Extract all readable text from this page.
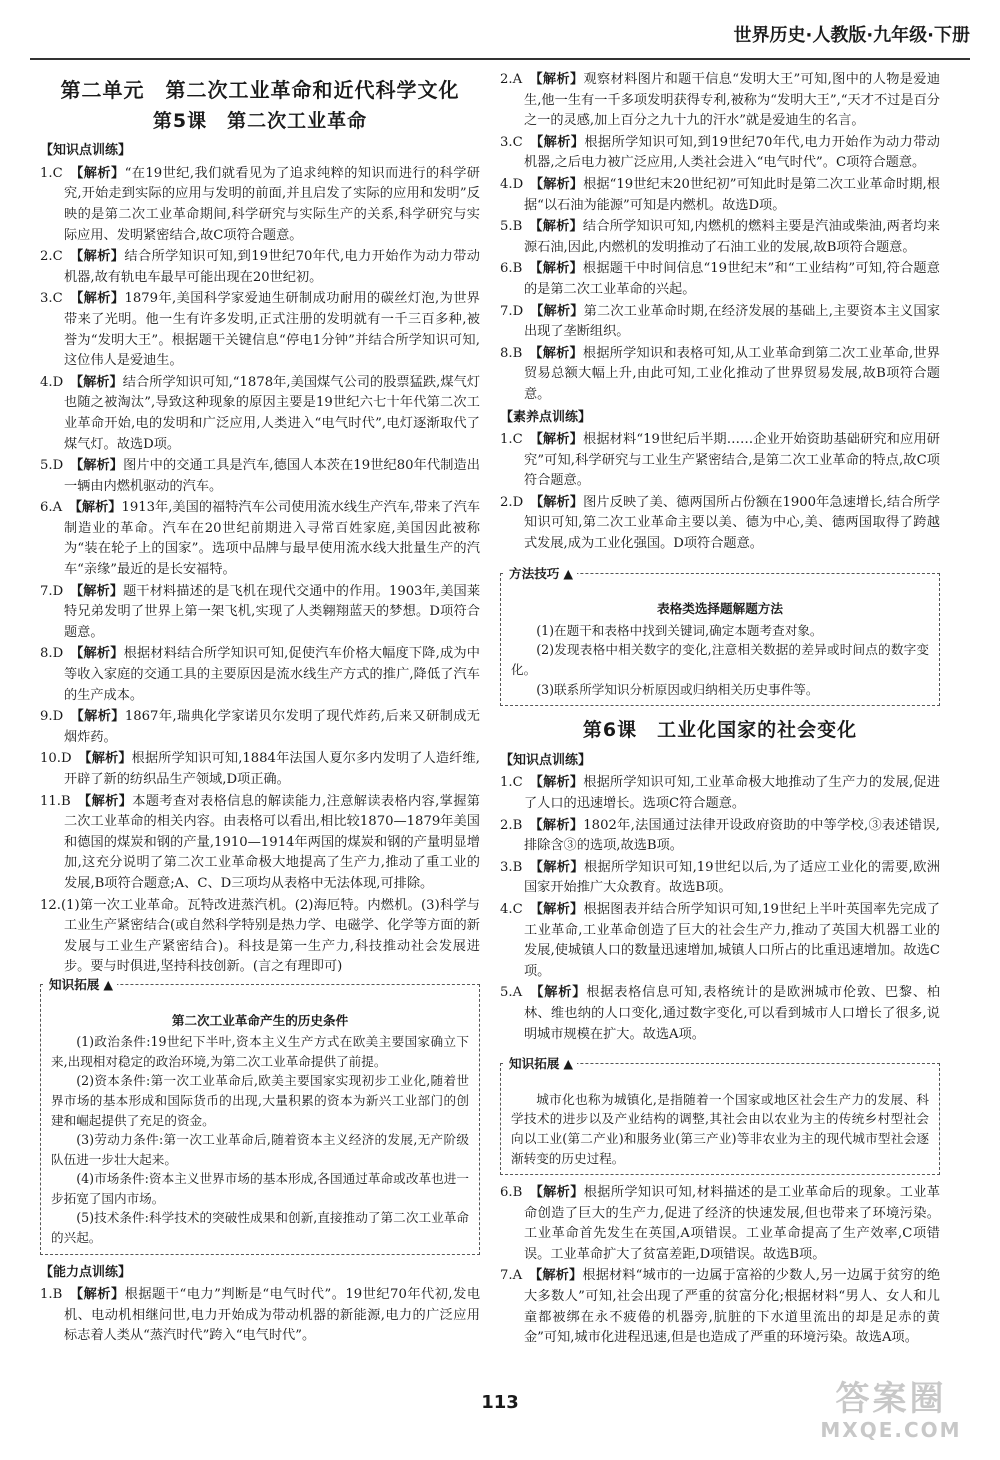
世界历史·人教版·九年级·下册
第二单元　第二次工业革命和近代科学文化
第5课　第二次工业革命
【知识点训练】
1.C　【解析】“在19世纪,我们就看见为了追求纯粹的知识而进行的科学研究,开始走到实际的应用与发明的前面,并且启发了实际的应用和发明”反映的是第二次工业革命期间,科学研究与实际生产的关系,科学研究与实际应用、发明紧密结合,故C项符合题意。
2.C　【解析】结合所学知识可知,到19世纪70年代,电力开始作为动力带动机器,故有轨电车最早可能出现在20世纪初。
3.C　【解析】1879年,美国科学家爱迪生研制成功耐用的碳丝灯泡,为世界带来了光明。他一生有许多发明,正式注册的发明就有一千三百多种,被誉为“发明大王”。根据题干关键信息“停电1分钟”并结合所学知识可知,这位伟人是爱迪生。
4.D　【解析】结合所学知识可知,“1878年,美国煤气公司的股票猛跌,煤气灯也随之被淘汰”,导致这种现象的原因主要是19世纪六七十年代第二次工业革命开始,电的发明和广泛应用,人类进入“电气时代”,电灯逐渐取代了煤气灯。故选D项。
5.D　【解析】图片中的交通工具是汽车,德国人本茨在19世纪80年代制造出一辆由内燃机驱动的汽车。
6.A　【解析】1913年,美国的福特汽车公司使用流水线生产汽车,带来了汽车制造业的革命。汽车在20世纪前期进入寻常百姓家庭,美国因此被称为“装在轮子上的国家”。选项中品牌与最早使用流水线大批量生产的汽车“亲缘”最近的是长安福特。
7.D　【解析】题干材料描述的是飞机在现代交通中的作用。1903年,美国莱特兄弟发明了世界上第一架飞机,实现了人类翱翔蓝天的梦想。D项符合题意。
8.D　【解析】根据材料结合所学知识可知,促使汽车价格大幅度下降,成为中等收入家庭的交通工具的主要原因是流水线生产方式的推广,降低了汽车的生产成本。
9.D　【解析】1867年,瑞典化学家诺贝尔发明了现代炸药,后来又研制成无烟炸药。
10.D　【解析】根据所学知识可知,1884年法国人夏尔多内发明了人造纤维,开辟了新的纺织品生产领域,D项正确。
11.B　【解析】本题考查对表格信息的解读能力,注意解读表格内容,掌握第二次工业革命的相关内容。由表格可以看出,相比较1870—1879年美国和德国的煤炭和钢的产量,1910—1914年两国的煤炭和钢的产量明显增加,这充分说明了第二次工业革命极大地提高了生产力,推动了重工业的发展,B项符合题意;A、C、D三项均从表格中无法体现,可排除。
12.(1)第一次工业革命。瓦特改进蒸汽机。(2)海厄特。内燃机。(3)科学与工业生产紧密结合(或自然科学特别是热力学、电磁学、化学等方面的新发展与工业生产紧密结合)。科技是第一生产力,科技推动社会发展进步。要与时俱进,坚持科技创新。(言之有理即可)
知识拓展 ▲
第二次工业革命产生的历史条件

(1)政治条件:19世纪下半叶,资本主义生产方式在欧美主要国家确立下来,出现相对稳定的政治环境,为第二次工业革命提供了前提。

(2)资本条件:第一次工业革命后,欧美主要国家实现初步工业化,随着世界市场的基本形成和国际货币的出现,大量积累的资本为新兴工业部门的创建和崛起提供了充足的资金。

(3)劳动力条件:第一次工业革命后,随着资本主义经济的发展,无产阶级队伍进一步壮大起来。

(4)市场条件:资本主义世界市场的基本形成,各国通过革命或改革也进一步拓宽了国内市场。

(5)技术条件:科学技术的突破性成果和创新,直接推动了第二次工业革命的兴起。

【能力点训练】
1.B　【解析】根据题干“电力”判断是“电气时代”。19世纪70年代初,发电机、电动机相继问世,电力开始成为带动机器的新能源,电力的广泛应用标志着人类从“蒸汽时代”跨入“电气时代”。
2.A　【解析】观察材料图片和题干信息“发明大王”可知,图中的人物是爱迪生,他一生有一千多项发明获得专利,被称为“发明大王”,“天才不过是百分之一的灵感,加上百分之九十九的汗水”就是爱迪生的名言。
3.C　【解析】根据所学知识可知,到19世纪70年代,电力开始作为动力带动机器,之后电力被广泛应用,人类社会进入“电气时代”。C项符合题意。
4.D　【解析】根据“19世纪末20世纪初”可知此时是第二次工业革命时期,根据“以石油为能源”可知是内燃机。故选D项。
5.B　【解析】结合所学知识可知,内燃机的燃料主要是汽油或柴油,两者均来源石油,因此,内燃机的发明推动了石油工业的发展,故B项符合题意。
6.B　【解析】根据题干中时间信息“19世纪末”和“工业结构”可知,符合题意的是第二次工业革命的兴起。
7.D　【解析】第二次工业革命时期,在经济发展的基础上,主要资本主义国家出现了垄断组织。
8.B　【解析】根据所学知识和表格可知,从工业革命到第二次工业革命,世界贸易总额大幅上升,由此可知,工业化推动了世界贸易发展,故B项符合题意。
【素养点训练】
1.C　【解析】根据材料“19世纪后半期……企业开始资助基础研究和应用研究”可知,科学研究与工业生产紧密结合,是第二次工业革命的特点,故C项符合题意。
2.D　【解析】图片反映了美、德两国所占份额在1900年急速增长,结合所学知识可知,第二次工业革命主要以美、德为中心,美、德两国取得了跨越式发展,成为工业化强国。D项符合题意。
方法技巧 ▲
表格类选择题解题方法

(1)在题干和表格中找到关键词,确定本题考查对象。

(2)发现表格中相关数字的变化,注意相关数据的差异或时间点的数字变化。

(3)联系所学知识分析原因或归纳相关历史事件等。

第6课　工业化国家的社会变化
【知识点训练】
1.C　【解析】根据所学知识可知,工业革命极大地推动了生产力的发展,促进了人口的迅速增长。选项C符合题意。
2.B　【解析】1802年,法国通过法律开设政府资助的中等学校,③表述错误,排除含③的选项,故选B项。
3.B　【解析】根据所学知识可知,19世纪以后,为了适应工业化的需要,欧洲国家开始推广大众教育。故选B项。
4.C　【解析】根据图表并结合所学知识可知,19世纪上半叶英国率先完成了工业革命,工业革命创造了巨大的社会生产力,推动了英国大机器工业的发展,使城镇人口的数量迅速增加,城镇人口所占的比重迅速增加。故选C项。
5.A　【解析】根据表格信息可知,表格统计的是欧洲城市伦敦、巴黎、柏林、维也纳的人口变化,通过数字变化,可以看到城市人口增长了很多,说明城市规模在扩大。故选A项。
知识拓展 ▲

城市化也称为城镇化,是指随着一个国家或地区社会生产力的发展、科学技术的进步以及产业结构的调整,其社会由以农业为主的传统乡村型社会向以工业(第二产业)和服务业(第三产业)等非农业为主的现代城市型社会逐渐转变的历史过程。

6.B　【解析】根据所学知识可知,材料描述的是工业革命后的现象。工业革命创造了巨大的生产力,促进了经济的快速发展,但也带来了环境污染。工业革命首先发生在英国,A项错误。工业革命提高了生产效率,C项错误。工业革命扩大了贫富差距,D项错误。故选B项。
7.A　【解析】根据材料“城市的一边属于富裕的少数人,另一边属于贫穷的绝大多数人”可知,社会出现了严重的贫富分化;根据材料“男人、女人和儿童都被绑在永不疲倦的机器旁,肮脏的下水道里流出的却是足赤的黄金”可知,城市化进程迅速,但是也造成了严重的环境污染。故选A项。
113	答案圈
MXQE.COM
